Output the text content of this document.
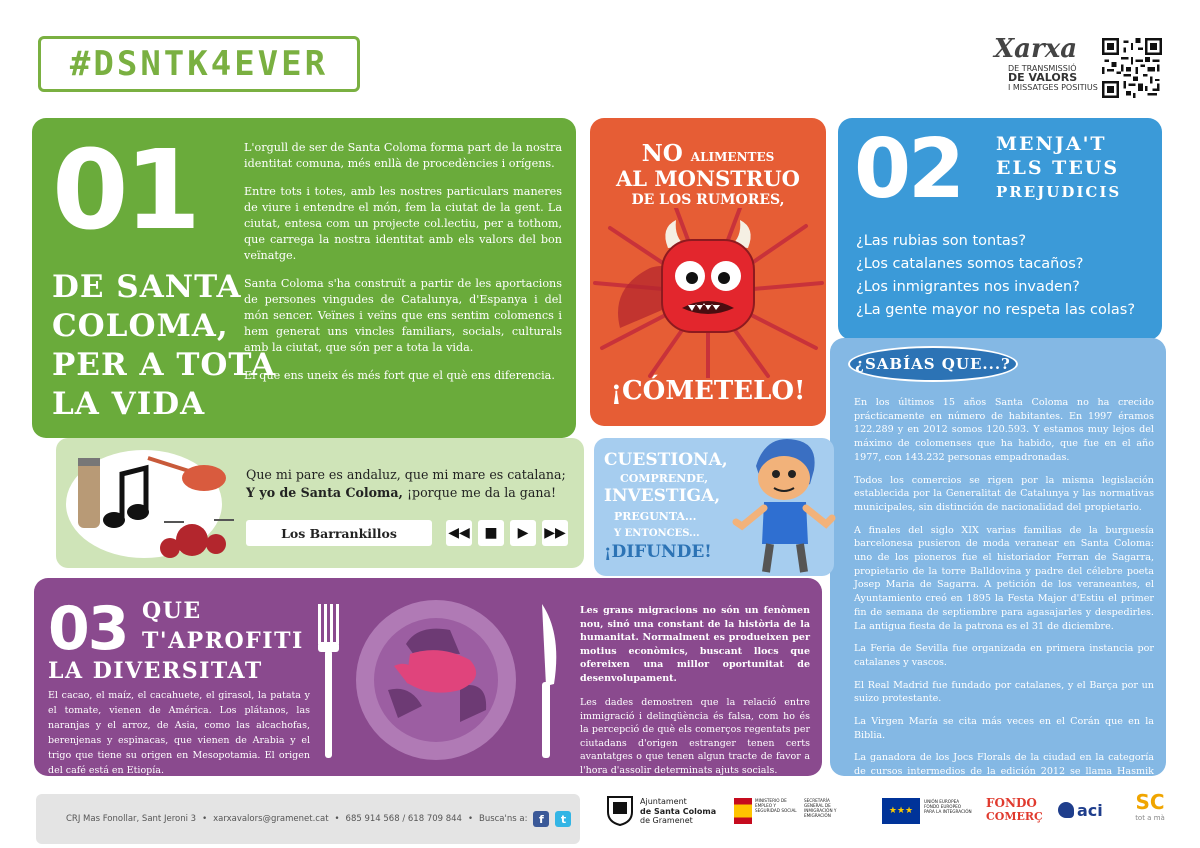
#DSNTK4EVER	Xarxa
DE TRANSMISSIÓ
DE VALORS
I MISSATGES POSITIUS
01
DE SANTA
COLOMA,
PER A TOTA
LA VIDA

L'orgull de ser de Santa Coloma forma part de la nostra identitat comuna, més enllà de procedències i orígens.

Entre tots i totes, amb les nostres particulars maneres de viure i entendre el món, fem la ciutat de la gent. La ciutat, entesa com un projecte col.lectiu, per a tothom, que carrega la nostra identitat amb els valors del bon veïnatge.

Santa Coloma s'ha construït a partir de les aportacions de persones vingudes de Catalunya, d'Espanya i del món sencer. Veïnes i veïns que ens sentim colomencs i hem generat uns vincles familiars, socials, culturals amb la ciutat, que són per a tota la vida.

El que ens uneix és més fort que el què ens diferencia.

NO ALIMENTES
AL MONSTRUO
DE LOS RUMORES,
¡CÓMETELO!
02 MENJA'T
ELS TEUS
PREJUDICIS
¿Las rubias son tontas?
¿Los catalanes somos tacaños?
¿Los inmigrantes nos invaden?
¿La gente mayor no respeta las colas?
¿SABÍAS QUE...?

En los últimos 15 años Santa Coloma no ha crecido prácticamente en número de habitantes. En 1997 éramos 122.289 y en 2012 somos 120.593. Y estamos muy lejos del máximo de colomenses que ha habido, que fue en el año 1977, con 143.232 personas empadronadas.

Todos los comercios se rigen por la misma legislación establecida por la Generalitat de Catalunya y las normativas municipales, sin distinción de nacionalidad del propietario.

A finales del siglo XIX varias familias de la burguesía barcelonesa pusieron de moda veranear en Santa Coloma: uno de los pioneros fue el historiador Ferran de Sagarra, propietario de la torre Balldovina y padre del célebre poeta Josep Maria de Sagarra. A petición de los veraneantes, el Ayuntamiento creó en 1895 la Festa Major d'Estiu el primer fin de semana de septiembre para agasajarles y despedirles. La antigua fiesta de la patrona es el 31 de diciembre.

La Feria de Sevilla fue organizada en primera instancia por catalanes y vascos.

El Real Madrid fue fundado por catalanes, y el Barça por un suizo protestante.

La Virgen María se cita más veces en el Corán que en la Biblia.

La ganadora de los Jocs Florals de la ciudad en la categoría de cursos intermedios de la edición 2012 se llama Hasmik Karapetyan y es de origen armenio.

Que mi pare es andaluz, que mi mare es catalana;
Y yo de Santa Coloma, ¡porque me da la gana!
Los Barrankillos	◀◀ ■ ▶ ▶▶
CUESTIONA,
COMPRENDE,
INVESTIGA,
PREGUNTA...
Y ENTONCES...
¡DIFUNDE!
03 QUE
T'APROFITI
LA DIVERSITAT
El cacao, el maíz, el cacahuete, el girasol, la patata y el tomate, vienen de América. Los plátanos, las naranjas y el arroz, de Asia, como las alcachofas, berenjenas y espinacas, que vienen de Arabia y el trigo que tiene su origen en Mesopotamia. El origen del café está en Etiopía.

Les grans migracions no són un fenòmen nou, sinó una constant de la història de la humanitat. Normalment es produeixen per motius econòmics, buscant llocs que ofereixen una millor oportunitat de desenvolupament.

Les dades demostren que la relació entre immigració i delinqüència és falsa, com ho és la percepció de què els comerços regentats per ciutadans d'origen estranger tenen certs avantatges o que tenen algun tracte de favor a l'hora d'assolir determinats ajuts socials.

CRJ Mas Fonollar, Sant Jeroni 3 • xarxavalors@gramenet.cat • 685 914 568 / 618 709 844 • Busca'ns a:	f	t
Ajuntament
de Santa Coloma
de Gramenet
MINISTERIO DE EMPLEO Y SEGURIDAD SOCIAL
SECRETARÍA GENERAL DE INMIGRACIÓN Y EMIGRACIÓN	★★★
UNIÓN EUROPEA
FONDO EUROPEO PARA LA INTEGRACIÓN
FONDO
COMERÇ aci SC
tot a mà
